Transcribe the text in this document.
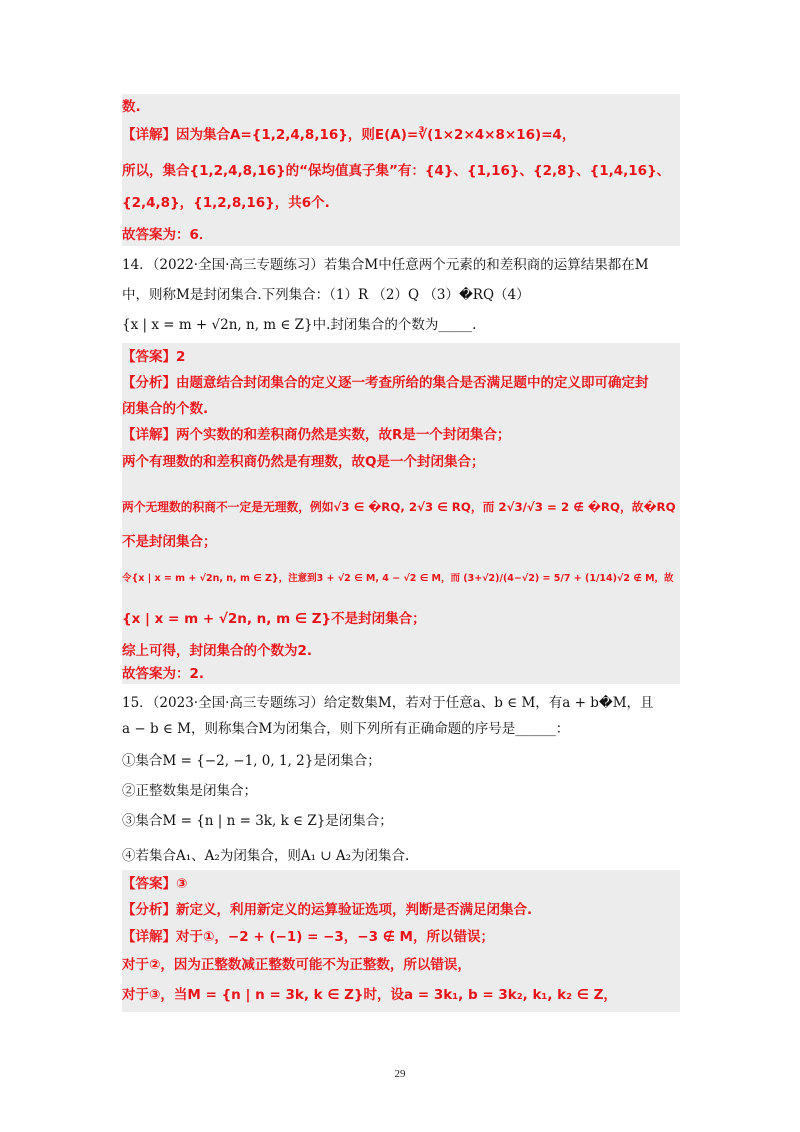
数.
【详解】因为集合A={1,2,4,8,16}，则E(A)=∛(1×2×4×8×16)=4，
所以，集合{1,2,4,8,16}的“保均值真子集”有：{4}、{1,16}、{2,8}、{1,4,16}、
{2,4,8}，{1,2,8,16}，共6个.
故答案为：6．
14．（2022·全国·高三专题练习）若集合M中任意两个元素的和差积商的运算结果都在M
中，则称M是封闭集合.下列集合：（1）R （2）Q （3）�RQ（4）
{x | x = m + √2n, n, m ∈ Z}中.封闭集合的个数为_____.
【答案】2
【分析】由题意结合封闭集合的定义逐一考查所给的集合是否满足题中的定义即可确定封
闭集合的个数.
【详解】两个实数的和差积商仍然是实数，故R是一个封闭集合；
两个有理数的和差积商仍然是有理数，故Q是一个封闭集合；
两个无理数的积商不一定是无理数，例如√3 ∈ �RQ, 2√3 ∈ RQ，而 2√3/√3 = 2 ∉ �RQ，故�RQ
不是封闭集合；
令{x | x = m + √2n, n, m ∈ Z}，注意到3 + √2 ∈ M, 4 − √2 ∈ M，而 (3+√2)/(4−√2) = 5/7 + (1/14)√2 ∉ M，故
{x | x = m + √2n, n, m ∈ Z}不是封闭集合；
综上可得，封闭集合的个数为2.
故答案为：2.
15．（2023·全国·高三专题练习）给定数集M，若对于任意a、b ∈ M，有a + b�M，且
a − b ∈ M，则称集合M为闭集合，则下列所有正确命题的序号是______：
①集合M = {−2, −1, 0, 1, 2}是闭集合；
②正整数集是闭集合；
③集合M = {n | n = 3k, k ∈ Z}是闭集合；
④若集合A₁、A₂为闭集合，则A₁ ∪ A₂为闭集合.
【答案】③
【分析】新定义，利用新定义的运算验证选项，判断是否满足闭集合.
【详解】对于①，−2 + (−1) = −3，−3 ∉ M，所以错误；
对于②，因为正整数减正整数可能不为正整数，所以错误，
对于③，当M = {n | n = 3k, k ∈ Z}时，设a = 3k₁, b = 3k₂, k₁, k₂ ∈ Z，
29
